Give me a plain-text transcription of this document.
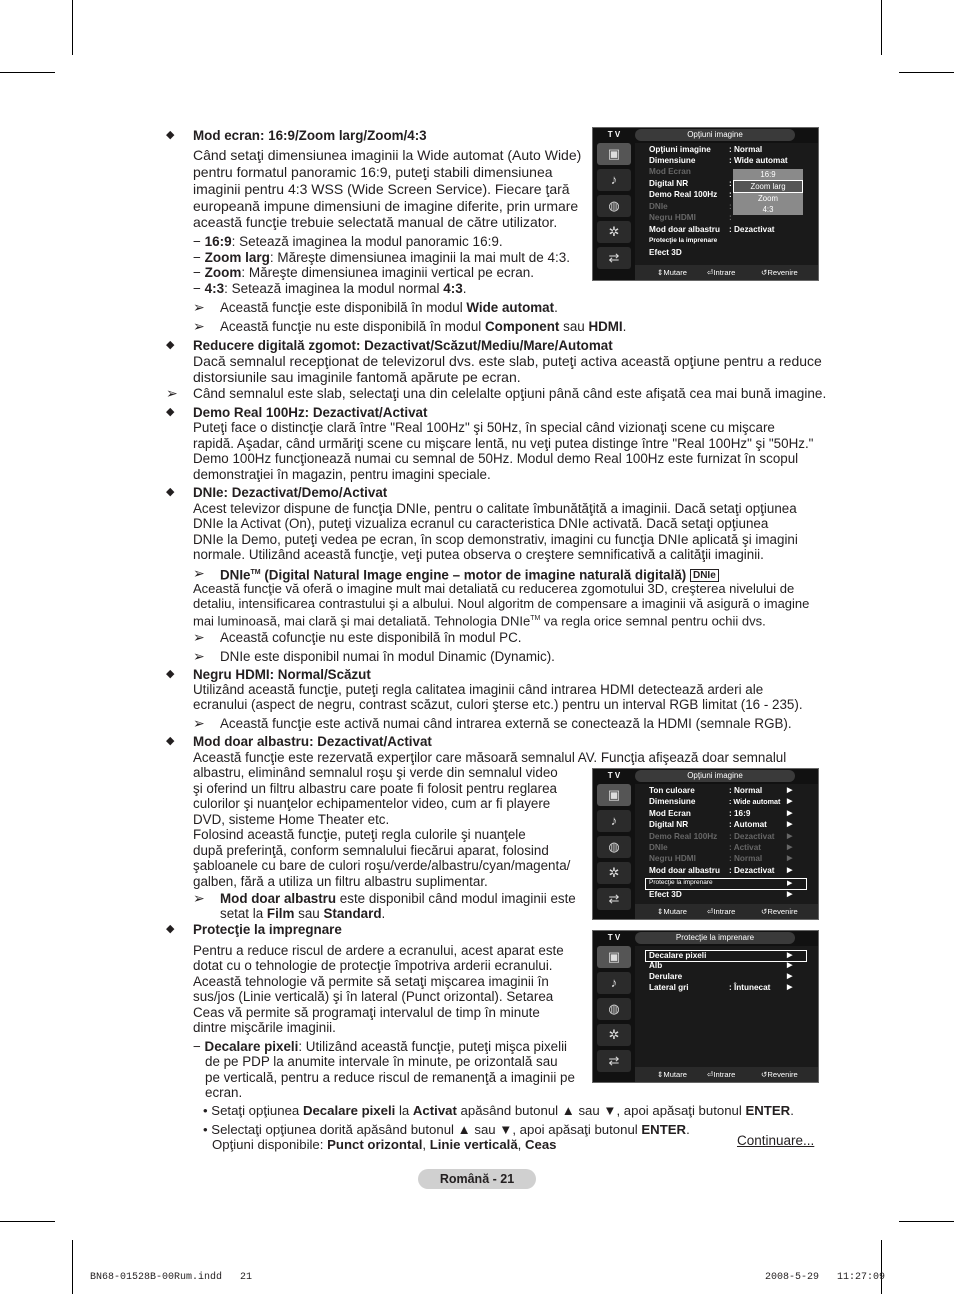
◆ Mod ecran: 16:9/Zoom larg/Zoom/4:3
Când setaţi dimensiunea imaginii la Wide automat (Auto Wide)
pentru formatul panoramic 16:9, puteţi stabili dimensiunea
imaginii pentru 4:3 WSS (Wide Screen Service). Fiecare ţară
europeană impune dimensiuni de imagine diferite, prin urmare
această funcţie trebuie selectată manual de către utilizator.
− 16:9: Setează imaginea la modul panoramic 16:9.
− Zoom larg: Măreşte dimensiunea imaginii la mai mult de 4:3.
− Zoom: Măreşte dimensiunea imaginii vertical pe ecran.
− 4:3: Setează imaginea la modul normal 4:3.
➢ Această funcţie este disponibilă în modul Wide automat.
➢ Această funcţie nu este disponibilă în modul Component sau HDMI.
◆ Reducere digitală zgomot: Dezactivat/Scăzut/Mediu/Mare/Automat
Dacă semnalul recepţionat de televizorul dvs. este slab, puteţi activa această opţiune pentru a reduce
distorsiunile sau imaginile fantomă apărute pe ecran.
➢ Când semnalul este slab, selectaţi una din celelalte opţiuni până când este afişată cea mai bună imagine.
◆ Demo Real 100Hz: Dezactivat/Activat
Puteţi face o distincţie clară între "Real 100Hz" şi 50Hz, în special când vizionaţi scene cu mişcare
rapidă. Aşadar, când urmăriţi scene cu mişcare lentă, nu veţi putea distinge între "Real 100Hz" şi "50Hz."
Demo 100Hz funcţionează numai cu semnal de 50Hz. Modul demo Real 100Hz este furnizat în scopul
demonstraţiei în magazin, pentru imagini speciale.
◆ DNIe: Dezactivat/Demo/Activat
Acest televizor dispune de funcţia DNIe, pentru o calitate îmbunătăţită a imaginii. Dacă setaţi opţiunea
DNIe la Activat (On), puteţi vizualiza ecranul cu caracteristica DNIe activată. Dacă setaţi opţiunea
DNIe la Demo, puteţi vedea pe ecran, în scop demonstrativ, imagini cu funcţia DNIe aplicată şi imagini
normale. Utilizând această funcţie, veţi putea observa o creştere semnificativă a calităţii imaginii.
➢ DNIe™ (Digital Natural Image engine – motor de imagine naturală digitală) DNIe
Această funcţie vă oferă o imagine mult mai detaliată cu reducerea zgomotului 3D, creşterea nivelului de
detaliu, intensificarea contrastului şi a albului. Noul algoritm de compensare a imaginii vă asigură o imagine
mai luminoasă, mai clară şi mai detaliată. Tehnologia DNIe™ va regla orice semnal pentru ochii dvs.
➢ Această cofuncţie nu este disponibilă în modul PC.
➢ DNIe este disponibil numai în modul Dinamic (Dynamic).
◆ Negru HDMI: Normal/Scăzut
Utilizând această funcţie, puteţi regla calitatea imaginii când intrarea HDMI detectează arderi ale
ecranului (aspect de negru, contrast scăzut, culori şterse etc.) pentru un interval RGB limitat (16 - 235).
➢ Această funcţie este activă numai când intrarea externă se conectează la HDMI (semnale RGB).
◆ Mod doar albastru: Dezactivat/Activat
Această funcţie este rezervată experţilor care măsoară semnalul AV. Funcţia afişează doar semnalul
albastru, eliminând semnalul roşu şi verde din semnalul video
şi oferind un filtru albastru care poate fi folosit pentru reglarea
culorilor şi nuanţelor echipamentelor video, cum ar fi playere
DVD, sisteme Home Theater etc.
Folosind această funcţie, puteţi regla culorile şi nuanţele
după preferinţă, conform semnalului fiecărui aparat, folosind
şabloanele cu bare de culori roşu/verde/albastru/cyan/magenta/
galben, fără a utiliza un filtru albastru suplimentar.
➢ Mod doar albastru este disponibil când modul imaginii este
setat la Film sau Standard.
◆ Protecţie la impregnare
Pentru a reduce riscul de ardere a ecranului, acest aparat este
dotat cu o tehnologie de protecţie împotriva arderii ecranului.
Această tehnologie vă permite să setaţi mişcarea imaginii în
sus/jos (Linie verticală) şi în lateral (Punct orizontal). Setarea
Ceas vă permite să programaţi intervalul de timp în minute
dintre mişcările imaginii.
− Decalare pixeli: Utilizând această funcţie, puteţi mişca pixelii
de pe PDP la anumite intervale în minute, pe orizontală sau
pe verticală, pentru a reduce riscul de remanenţă a imaginii pe
ecran.
• Setaţi opţiunea Decalare pixeli la Activat apăsând butonul ▲ sau ▼, apoi apăsaţi butonul ENTER.
• Selectaţi opţiunea dorită apăsând butonul ▲ sau ▼, apoi apăsaţi butonul ENTER.
Opţiuni disponibile: Punct orizontal, Linie verticală, Ceas	Continuare...
T V	Opţiuni imagine
▣
♪
◍
✲
⇄
Opţiuni imagine : Normal
Dimensiune	: Wide automat
Mod Ecran
Digital NR	:
Demo Real 100Hz :
DNIe	:
Negru HDMI	:
Mod doar albastru : Dezactivat
Protecţie la imprenare
Efect 3D
16:9
Zoom larg
Zoom
4:3
⇕ Mutare	⏎ Intrare	↺ Revenire
T V	Opţiuni imagine
▣
♪
◍
✲
⇄
Ton culoare	: Normal	▶
Dimensiune	: Wide automat ▶
Mod Ecran	: 16:9	▶
Digital NR	: Automat	▶
Demo Real 100Hz : Dezactivat ▶
DNIe	: Activat	▶
Negru HDMI	: Normal	▶
Mod doar albastru : Dezactivat ▶
Protecţie la imprenare	▶
Efect 3D	▶
⇕ Mutare	⏎ Intrare	↺ Revenire
T V	Protecţie la imprenare
▣
♪
◍
✲
⇄
Decalare pixeli	▶
Alb	▶
Derulare	▶
Lateral gri	: Întunecat ▶
⇕ Mutare	⏎ Intrare	↺ Revenire
Română - 21
BN68-01528B-00Rum.indd   21	2008-5-29   11:27:09
